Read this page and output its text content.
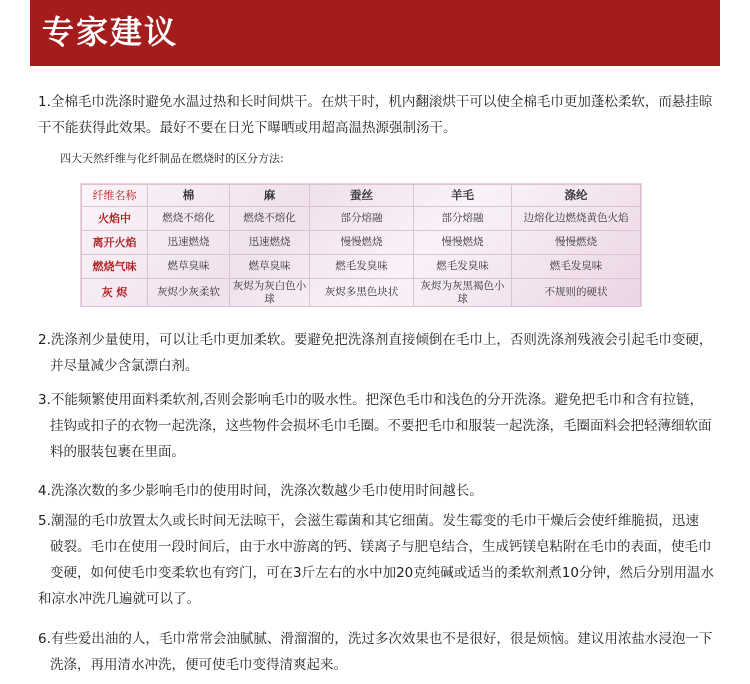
专家建议
1.全棉毛巾洗涤时避免水温过热和长时间烘干。在烘干时，机内翻滚烘干可以使全棉毛巾更加蓬松柔软，而悬挂晾
干不能获得此效果。最好不要在日光下曝晒或用超高温热源强制汤干。
四大天然纤维与化纤制品在燃烧时的区分方法:
纤维名称	棉	麻	蚕丝	羊毛	涤纶
火焰中	燃烧不熔化	燃烧不熔化	部分熔融	部分熔融	边熔化边燃烧黄色火焰
离开火焰	迅速燃烧	迅速燃烧	慢慢燃烧	慢慢燃烧	慢慢燃烧
燃烧气味	燃草臭味	燃草臭味	燃毛发臭味	燃毛发臭味	燃毛发臭味
灰 烬	灰烬少灰柔软	灰烬为灰白色小球	灰烬多黑色块状	灰烬为灰黑褐色小球	不规则的硬状
2.洗涤剂少量使用，可以让毛巾更加柔软。要避免把洗涤剂直接倾倒在毛巾上，否则洗涤剂残液会引起毛巾变硬，
并尽量减少含氯漂白剂。
3.不能频繁使用面料柔软剂,否则会影响毛巾的吸水性。把深色毛巾和浅色的分开洗涤。避免把毛巾和含有拉链，
挂钩或扣子的衣物一起洗涤，这些物件会损坏毛巾毛圈。不要把毛巾和服装一起洗涤，毛圈面料会把轻薄细软面
料的服装包裹在里面。
4.洗涤次数的多少影响毛巾的使用时间，洗涤次数越少毛巾使用时间越长。
5.潮湿的毛巾放置太久或长时间无法晾干，会滋生霉菌和其它细菌。发生霉变的毛巾干燥后会使纤维脆损，迅速
破裂。毛巾在使用一段时间后，由于水中游离的钙、镁离子与肥皂结合，生成钙镁皂粘附在毛巾的表面，使毛巾
变硬，如何使毛巾变柔软也有窍门，可在3斤左右的水中加20克纯碱或适当的柔软剂煮10分钟，然后分别用温水
和凉水冲洗几遍就可以了。
6.有些爱出油的人，毛巾常常会油腻腻、滑溜溜的，洗过多次效果也不是很好，很是烦恼。建议用浓盐水浸泡一下
洗涤，再用清水冲洗，便可使毛巾变得清爽起来。
